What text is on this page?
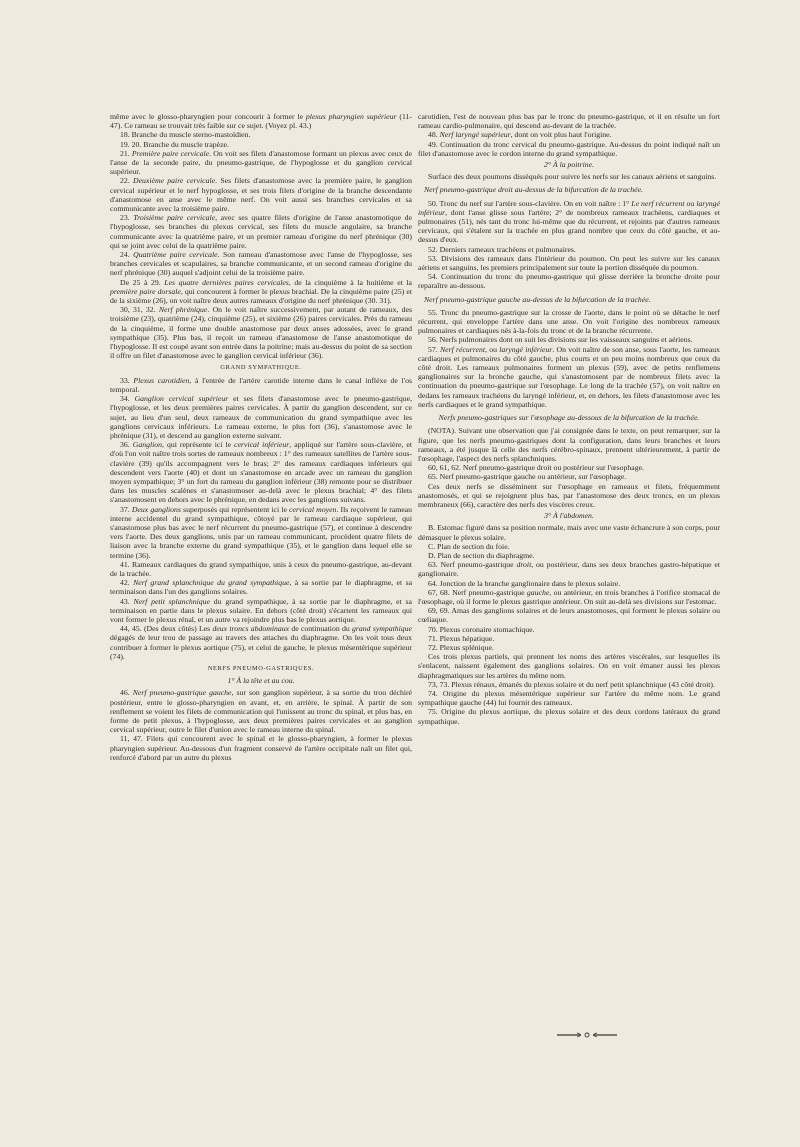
même avec le glosso-pharyngien pour concourir à former le plexus pharyngien supérieur (11-47). Ce rameau se trouvait très faible sur ce sujet. (Voyez pl. 43.)

18. Branche du muscle sterno-mastoïdien.

19. 20. Branche du muscle trapèze.

21. Première paire cervicale. On voit ses filets d'anastomose formant un plexus avec ceux de l'anse de la seconde paire, du pneumo-gastrique, de l'hypoglosse et du ganglion cervical supérieur.

22. Deuxième paire cervicale. Ses filets d'anastomose avec la première paire, le ganglion cervical supérieur et le nerf hypoglosse, et ses trois filets d'origine de la branche descendante d'anastomose en anse avec le même nerf. On voit aussi ses branches cervicales et sa communicante avec la troisième paire.

23. Troisième paire cervicale, avec ses quatre filets d'origine de l'anse anastomotique de l'hypoglosse, ses branches du plexus cervical, ses filets du muscle angulaire, sa branche communicante avec la quatrième paire, et un premier rameau d'origine du nerf phrénique (30) qui se joint avec celui de la quatrième paire.

24. Quatrième paire cervicale. Son rameau d'anastomose avec l'anse de l'hypoglosse, ses branches cervicales et scapulaires, sa branche communicante, et un second rameau d'origine du nerf phrénique (30) auquel s'adjoint celui de la troisième paire.

De 25 à 29. Les quatre dernières paires cervicales, de la cinquième à la huitième et la première paire dorsale, qui concourent à former le plexus brachial. De la cinquième paire (25) et de la sixième (26), on voit naître deux autres rameaux d'origine du nerf phrénique (30. 31).

30, 31, 32. Nerf phrénique. On le voit naître successivement, par autant de rameaux, des troisième (23), quatrième (24), cinquième (25), et sixième (26) paires cervicales. Près du rameau de la cinquième, il forme une double anastomose par deux anses adossées, avec le grand sympathique (35). Plus bas, il reçoit un rameau d'anastomose de l'anse anastomotique de l'hypoglosse. Il est coupé avant son entrée dans la poitrine; mais au-dessus du point de sa section il offre un filet d'anastomose avec le ganglion cervical inférieur (36).

GRAND SYMPATHIQUE.

33. Plexus carotidien, à l'entrée de l'artère carotide interne dans le canal infléxe de l'os temporal.

34. Ganglion cervical supérieur et ses filets d'anastomose avec le pneumo-gastrique, l'hypoglosse, et les deux premières paires cervicales. À partir du ganglion descendent, sur ce sujet, au lieu d'un seul, deux rameaux de communication du grand sympathique avec les ganglions cervicaux inférieurs. Le rameau externe, le plus fort (36), s'anastomose avec le phrénique (31), et descend au ganglion externe suivant.

36. Ganglion, qui représente ici le cervical inférieur, appliqué sur l'artère sous-clavière, et d'où l'on voit naître trois sortes de rameaux nombreux : 1° des rameaux satellites de l'artère sous-clavière (39) qu'ils accompagnent vers le bras; 2° des rameaux cardiaques inférieurs qui descendent vers l'aorte (40) et dont un s'anastomose en arcade avec un rameau du ganglion moyen sympathique; 3° un fort du rameau du ganglion inférieur (38) remonte pour se distribuer dans les muscles scalènes et s'anastomoser au-delà avec le plexus brachial; 4° des filets s'anastomosent en dehors avec le phrénique, en dedans avec les ganglions suivans.

37. Deux ganglions superposés qui représentent ici le cervical moyen. Ils reçoivent le rameau interne accidentel du grand sympathique, côtoyé par le rameau cardiaque supérieur, qui s'anastomose plus bas avec le nerf récurrent du pneumo-gastrique (57), et continue à descendre vers l'aorte. Des deux ganglions, unis par un rameau communicant, procèdent quatre filets de liaison avec la branche externe du grand sympathique (35), et le ganglion dans lequel elle se termine (36).

41. Rameaux cardiaques du grand sympathique, unis à ceux du pneumo-gastrique, au-devant de la trachée.

42. Nerf grand splanchnique du grand sympathique, à sa sortie par le diaphragme, et sa terminaison dans l'un des ganglions solaires.

43. Nerf petit splanchnique du grand sympathique, à sa sortie par le diaphragme, et sa terminaison en partie dans le plexus solaire. En dehors (côté droit) s'écartent les rameaux qui vont former le plexus rénal, et un autre va rejoindre plus bas le plexus aortique.

44, 45. (Des deux côtés) Les deux troncs abdominaux de continuation du grand sympathique dégagés de leur trou de passage au travers des attaches du diaphragme. On les voit tous deux contribuer à former le plexus aortique (75), et celui de gauche, le plexus mésentérique supérieur (74).

NERFS PNEUMO-GASTRIQUES.
1° À la tête et au cou.

46. Nerf pneumo-gastrique gauche, sur son ganglion supérieur, à sa sortie du trou déchiré postérieur, entre le glosso-pharyngien en avant, et, en arrière, le spinal. À partir de son renflement se voient les filets de communication qui l'unissent au tronc du spinal, et plus bas, en forme de petit plexus, à l'hypoglosse, aux deux premières paires cervicales et au ganglion cervical supérieur, outre le filet d'union avec le rameau interne du spinal.

11, 47. Filets qui concourent avec le spinal et le glosso-pharyngien, à former le plexus pharyngien supérieur. Au-dessous d'un fragment conservé de l'artère occipitale naît un filet qui, renforcé d'abord par un autre du plexus

carotidien, l'est de nouveau plus bas par le tronc du pneumo-gastrique, et il en résulte un fort rameau cardio-pulmonaire, qui descend au-devant de la trachée.

48. Nerf laryngé supérieur, dont on voit plus haut l'origine.

49. Continuation du tronc cervical du pneumo-gastrique. Au-dessus du point indiqué naît un filet d'anastomose avec le cordon interne du grand sympathique.

2° À la poitrine.

Surface des deux poumons disséqués pour suivre les nerfs sur les canaux aériens et sanguins.

Nerf pneumo-gastrique droit au-dessus de la bifurcation de la trachée.

50. Tronc du nerf sur l'artère sous-clavière. On en voit naître : 1° Le nerf récurrent ou laryngé inférieur, dont l'anse glisse sous l'artère; 2° de nombreux rameaux trachéens, cardiaques et pulmonaires (51), nés tant du tronc lui-même que du récurrent, et rejoints par d'autres rameaux cervicaux, qui s'étalent sur la trachée en plus grand nombre que ceux du côté gauche, et au-dessus d'eux.

52. Derniers rameaux trachéens et pulmonaires.

53. Divisions des rameaux dans l'intérieur du poumon. On peut les suivre sur les canaux aériens et sanguins, les premiers principalement sur toute la portion disséquée du poumon.

54. Continuation du tronc du pneumo-gastrique qui glisse derrière la bronche droite pour reparaître au-dessous.

Nerf pneumo-gastrique gauche au-dessus de la bifurcation de la trachée.

55. Tronc du pneumo-gastrique sur la crosse de l'aorte, dans le point où se détache le nerf récurrent, qui enveloppe l'artère dans une anse. On voit l'origine des nombreux rameaux pulmonaires et cardiaques nés à-la-fois du tronc et de la branche récurrente.

56. Nerfs pulmonaires dont on suit les divisions sur les vaisseaux sanguins et aériens.

57. Nerf récurrent, ou laryngé inférieur. On voit naître de son anse, sous l'aorte, les rameaux cardiaques et pulmonaires du côté gauche, plus courts et un peu moins nombreux que ceux du côté droit. Les rameaux pulmonaires forment un plexus (59), avec de petits renflemens ganglionaires sur la bronche gauche, qui s'anastomosent par de nombreux filets avec la continuation du pneumo-gastrique sur l'œsophage. Le long de la trachée (57), on voit naître en dedans les rameaux trachéens du laryngé inférieur, et, en dehors, les filets d'anastomose avec les nerfs cardiaques et le grand sympathique.

Nerfs pneumo-gastriques sur l'œsophage au-dessous de la bifurcation de la trachée.

(NOTA). Suivant une observation que j'ai consignée dans le texte, on peut remarquer, sur la figure, que les nerfs pneumo-gastriques dont la configuration, dans leurs branches et leurs rameaux, a été jusque là celle des nerfs cérébro-spinaux, prennent ultérieurement, à partir de l'œsophage, l'aspect des nerfs splanchniques.

60, 61, 62. Nerf pneumo-gastrique droit ou postérieur sur l'œsophage.

65. Nerf pneumo-gastrique gauche ou antérieur, sur l'œsophage.

Ces deux nerfs se disséminent sur l'œsophage en rameaux et filets, fréquemment anastomosés, et qui se rejoignent plus bas, par l'anastomose des deux troncs, en un plexus membraneux (66), caractère des nerfs des viscères creux.

3° À l'abdomen.

B. Estomac figuré dans sa position normale, mais avec une vaste échancrure à son corps, pour démasquer le plexus solaire.

C. Plan de section du foie.

D. Plan de section du diaphragme.

63. Nerf pneumo-gastrique droit, ou postérieur, dans ses deux branches gastro-hépatique et ganglionaire.

64. Jonction de la branche ganglionaire dans le plexus solaire.

67, 68. Nerf pneumo-gastrique gauche, ou antérieur, en trois branches à l'orifice stomacal de l'œsophage, où il forme le plexus gastrique antérieur. On suit au-delà ses divisions sur l'estomac.

69, 69. Amas des ganglions solaires et de leurs anastomoses, qui forment le plexus solaire ou cœliaque.

70. Plexus coronaire stomachique.

71. Plexus hépatique.

72. Plexus splénique.

Ces trois plexus partiels, qui prennent les noms des artères viscérales, sur lesquelles ils s'enlacent, naissent également des ganglions solaires. On en voit émaner aussi les plexus diaphragmatiques sur les artères du même nom.

73, 73. Plexus rénaux, émanés du plexus solaire et du nerf petit splanchnique (43 côté droit).

74. Origine du plexus mésentérique supérieur sur l'artère du même nom. Le grand sympathique gauche (44) lui fournit des rameaux.

75. Origine du plexus aortique, du plexus solaire et des deux cordons latéraux du grand sympathique.
